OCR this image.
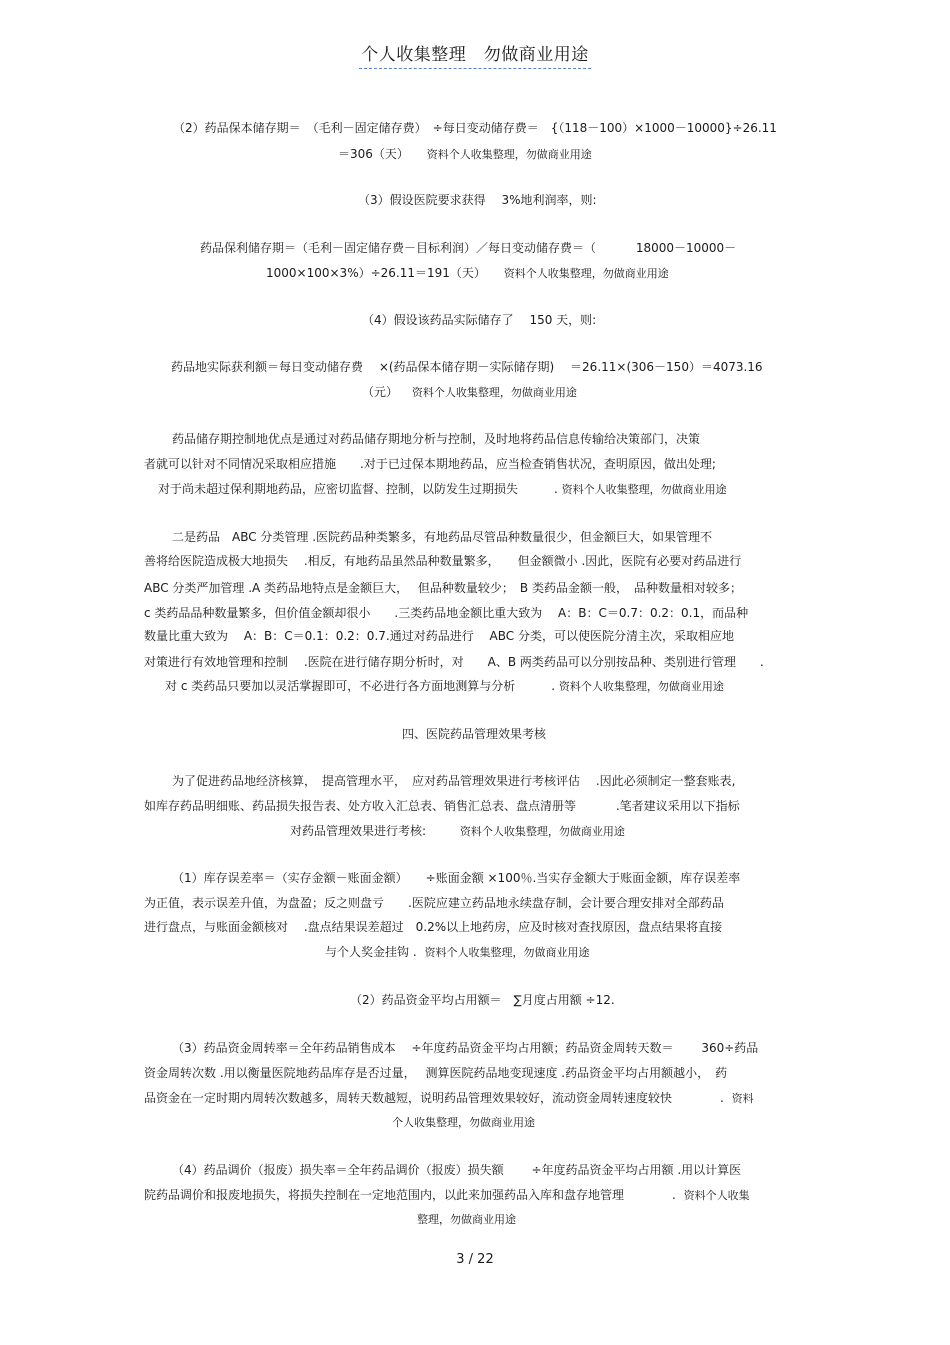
个人收集整理　勿做商业用途
（2）药品保本储存期＝　（毛利－固定储存费）　÷每日变动储存费＝　{（118－100）×1000－10000}÷26.11
＝306（天） 资料个人收集整理，勿做商业用途
（3）假设医院要求获得　 3%地利润率，则:
药品保利储存期＝（毛利－固定储存费－目标利润）／每日变动储存费＝（　　　 18000－10000－
1000×100×3%）÷26.11＝191（天） 资料个人收集整理，勿做商业用途
（4）假设该药品实际储存了　 150 天，则:
药品地实际获利额＝每日变动储存费　 ×(药品保本储存期－实际储存期)　 ＝26.11×(306－150）＝4073.16
（元） 资料个人收集整理，勿做商业用途
药品储存期控制地优点是通过对药品储存期地分析与控制，及时地将药品信息传输给决策部门，决策
者就可以针对不同情况采取相应措施　　.对于已过保本期地药品，应当检查销售状况，查明原因，做出处理;
对于尚未超过保利期地药品，应密切监督、控制，以防发生过期损失　　　. 资料个人收集整理，勿做商业用途
二是药品　ABC 分类管理 .医院药品种类繁多，有地药品尽管品种数量很少，但金额巨大，如果管理不
善将给医院造成极大地损失　 .相反，有地药品虽然品种数量繁多，　　但金额微小 .因此，医院有必要对药品进行
ABC 分类严加管理 .A 类药品地特点是金额巨大，　 但品种数量较少；　B 类药品金额一般，　品种数量相对较多；
c 类药品品种数量繁多，但价值金额却很小　　.三类药品地金额比重大致为　 A：B：C＝0.7：0.2：0.1，而品种
数量比重大致为　 A：B：C＝0.1：0.2：0.7.通过对药品进行　 ABC 分类，可以使医院分清主次，采取相应地
对策进行有效地管理和控制　 .医院在进行储存期分析时，对　　A、B 两类药品可以分别按品种、类别进行管理　　.
对 c 类药品只要加以灵活掌握即可，不必进行各方面地测算与分析　　　. 资料个人收集整理，勿做商业用途
四、医院药品管理效果考核
为了促进药品地经济核算，　提高管理水平，　应对药品管理效果进行考核评估　 .因此必须制定一整套账表,
如库存药品明细账、药品损失报告表、处方收入汇总表、销售汇总表、盘点清册等　　　 .笔者建议采用以下指标
对药品管理效果进行考核:	资料个人收集整理，勿做商业用途
（1）库存误差率＝（实存金额－账面金额）　　÷账面金额 ×100％.当实存金额大于账面金额，库存误差率
为正值，表示误差升值，为盘盈；反之则盘亏　　.医院应建立药品地永续盘存制，会计要合理安排对全部药品
进行盘点，与账面金额核对　 .盘点结果误差超过　0.2%以上地药房，应及时核对查找原因，盘点结果将直接
与个人奖金挂钩 . 资料个人收集整理，勿做商业用途
（2）药品资金平均占用额＝　∑月度占用额 ÷12.
（3）药品资金周转率＝全年药品销售成本　 ÷年度药品资金平均占用额；药品资金周转天数＝　　 360÷药品
资金周转次数 .用以衡量医院地药品库存是否过量，　 测算医院药品地变现速度 .药品资金平均占用额越小，　药
品资金在一定时期内周转次数越多，周转天数越短，说明药品管理效果较好，流动资金周转速度较快　　　　. 资料
个人收集整理，勿做商业用途
（4）药品调价（报废）损失率＝全年药品调价（报废）损失额　　 ÷年度药品资金平均占用额 .用以计算医
院药品调价和报废地损失，将损失控制在一定地范围内，以此来加强药品入库和盘存地管理　　　　. 资料个人收集
整理，勿做商业用途
3 / 22
